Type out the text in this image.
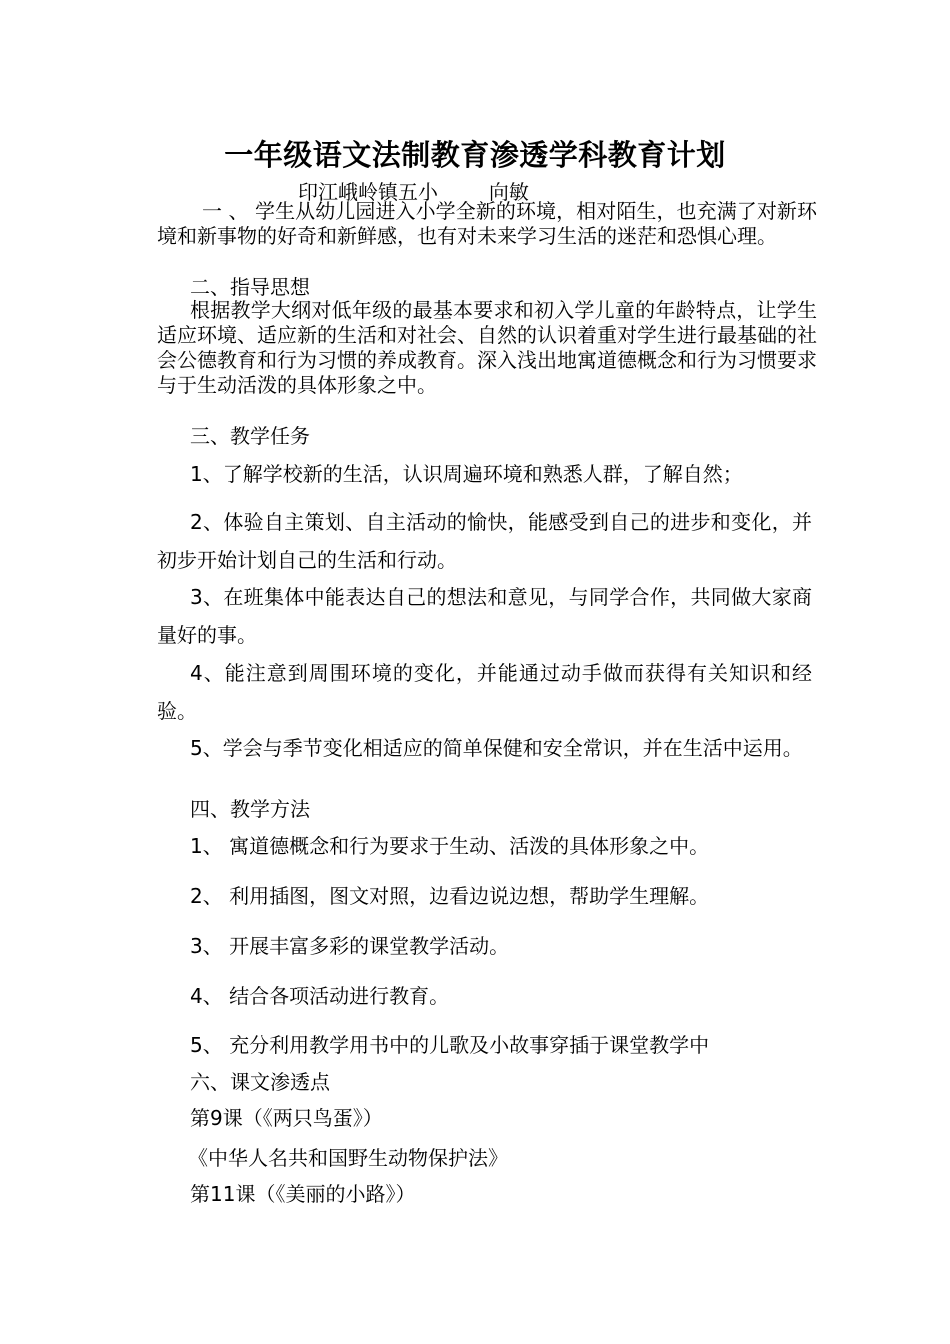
一年级语文法制教育渗透学科教育计划
印江峨岭镇五小        向敏

一 、 学生从幼儿园进入小学全新的环境，相对陌生，也充满了对新环境和新事物的好奇和新鲜感，也有对未来学习生活的迷茫和恐惧心理。

二、指导思想

根据教学大纲对低年级的最基本要求和初入学儿童的年龄特点，让学生适应环境、适应新的生活和对社会、自然的认识着重对学生进行最基础的社会公德教育和行为习惯的养成教育。深入浅出地寓道德概念和行为习惯要求与于生动活泼的具体形象之中。

三、教学任务

1、了解学校新的生活，认识周遍环境和熟悉人群，了解自然；

2、体验自主策划、自主活动的愉快，能感受到自己的进步和变化，并初步开始计划自己的生活和行动。

3、在班集体中能表达自己的想法和意见，与同学合作，共同做大家商量好的事。

4、能注意到周围环境的变化，并能通过动手做而获得有关知识和经验。

5、学会与季节变化相适应的简单保健和安全常识，并在生活中运用。

四、教学方法

1、 寓道德概念和行为要求于生动、活泼的具体形象之中。

2、 利用插图，图文对照，边看边说边想，帮助学生理解。

3、 开展丰富多彩的课堂教学活动。

4、 结合各项活动进行教育。

5、 充分利用教学用书中的儿歌及小故事穿插于课堂教学中

六、课文渗透点

第9课（《两只鸟蛋》）

《中华人名共和国野生动物保护法》

第11课（《美丽的小路》）
